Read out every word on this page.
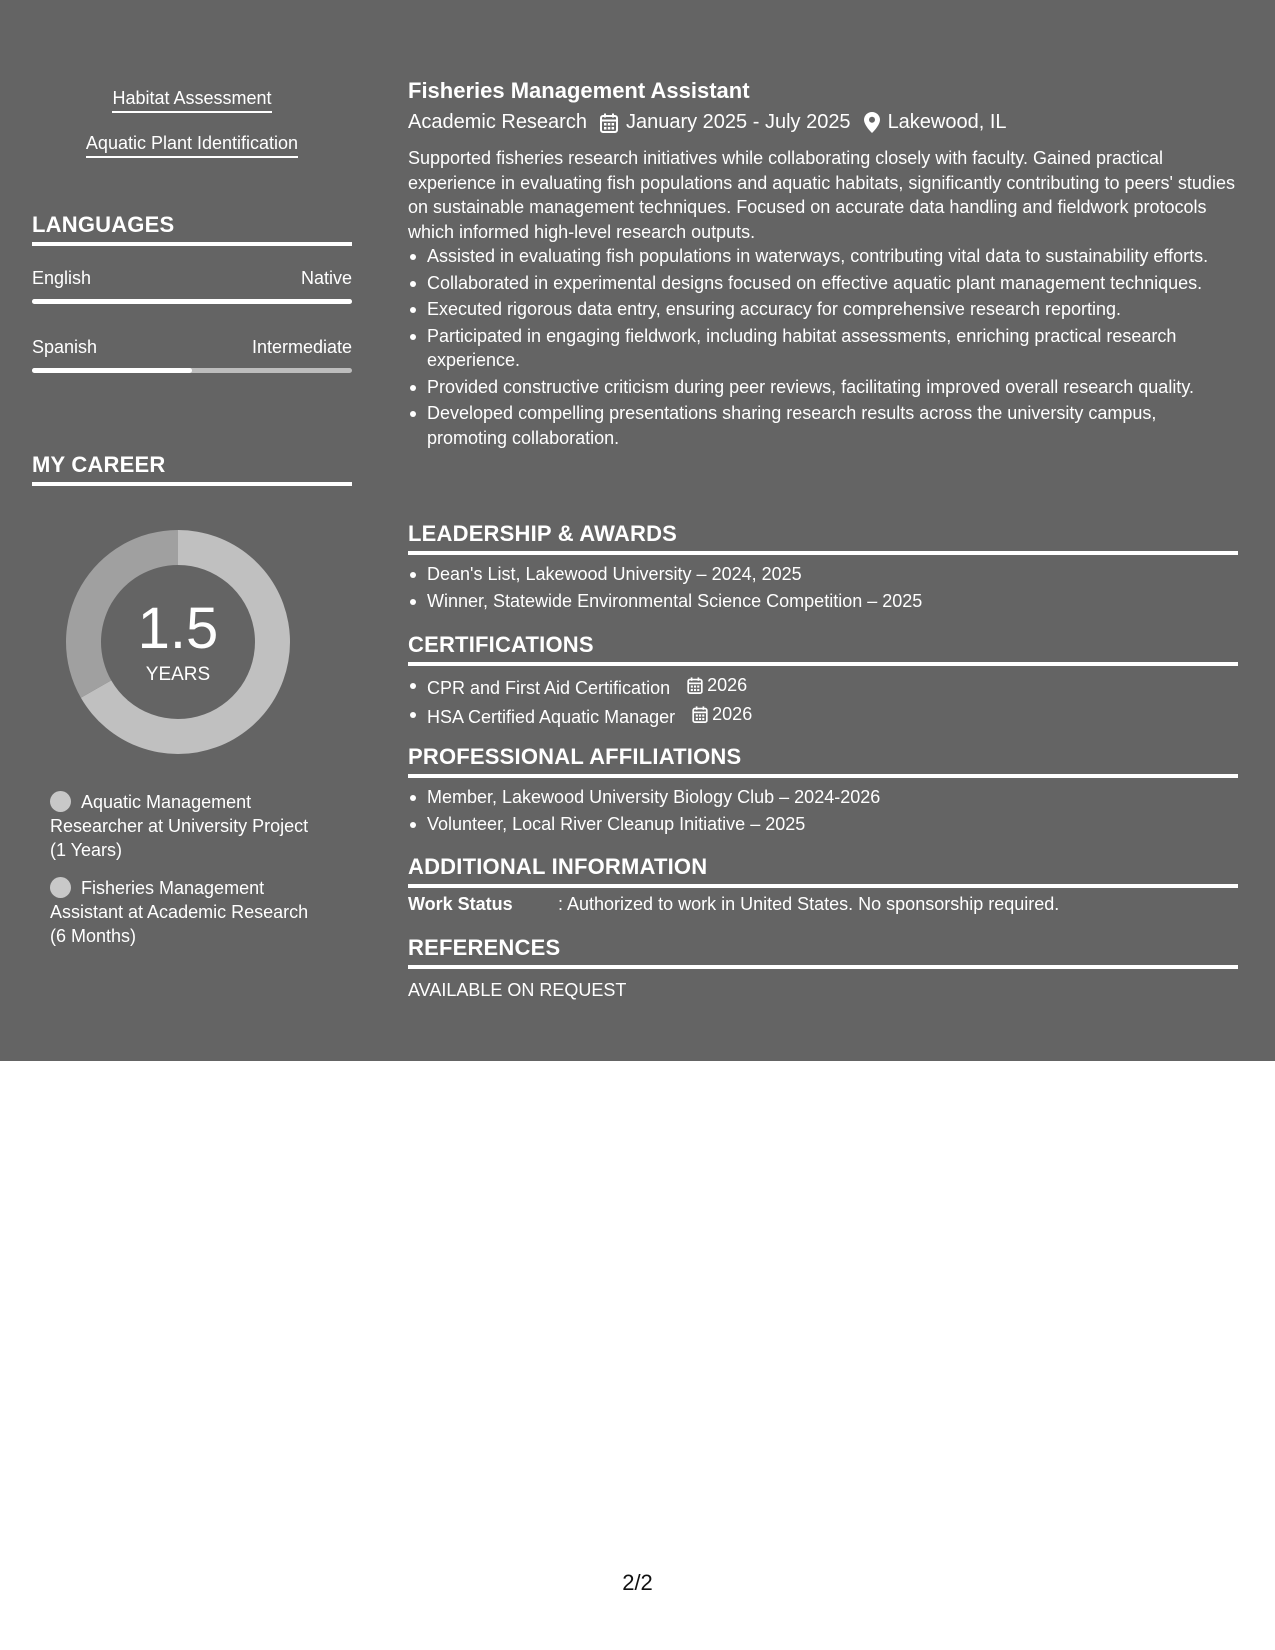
Habitat Assessment
Aquatic Plant Identification
LANGUAGES
English	Native
Spanish	Intermediate
MY CAREER
1.5
YEARS
Aquatic Management
Researcher at University Project
(1 Years)
Fisheries Management
Assistant at Academic Research
(6 Months)
Fisheries Management Assistant
Academic Research January 2025 - July 2025 Lakewood, IL
Supported fisheries research initiatives while collaborating closely with faculty. Gained practical experience in evaluating fish populations and aquatic habitats, significantly contributing to peers' studies on sustainable management techniques. Focused on accurate data handling and fieldwork protocols which informed high-level research outputs.
Assisted in evaluating fish populations in waterways, contributing vital data to sustainability efforts.
Collaborated in experimental designs focused on effective aquatic plant management techniques.
Executed rigorous data entry, ensuring accuracy for comprehensive research reporting.
Participated in engaging fieldwork, including habitat assessments, enriching practical research experience.
Provided constructive criticism during peer reviews, facilitating improved overall research quality.
Developed compelling presentations sharing research results across the university campus, promoting collaboration.
LEADERSHIP & AWARDS
Dean's List, Lakewood University – 2024, 2025
Winner, Statewide Environmental Science Competition – 2025
CERTIFICATIONS
CPR and First Aid Certification 2026
HSA Certified Aquatic Manager 2026
PROFESSIONAL AFFILIATIONS
Member, Lakewood University Biology Club – 2024-2026
Volunteer, Local River Cleanup Initiative – 2025
ADDITIONAL INFORMATION
Work Status	: Authorized to work in United States. No sponsorship required.
REFERENCES
AVAILABLE ON REQUEST
2/2
